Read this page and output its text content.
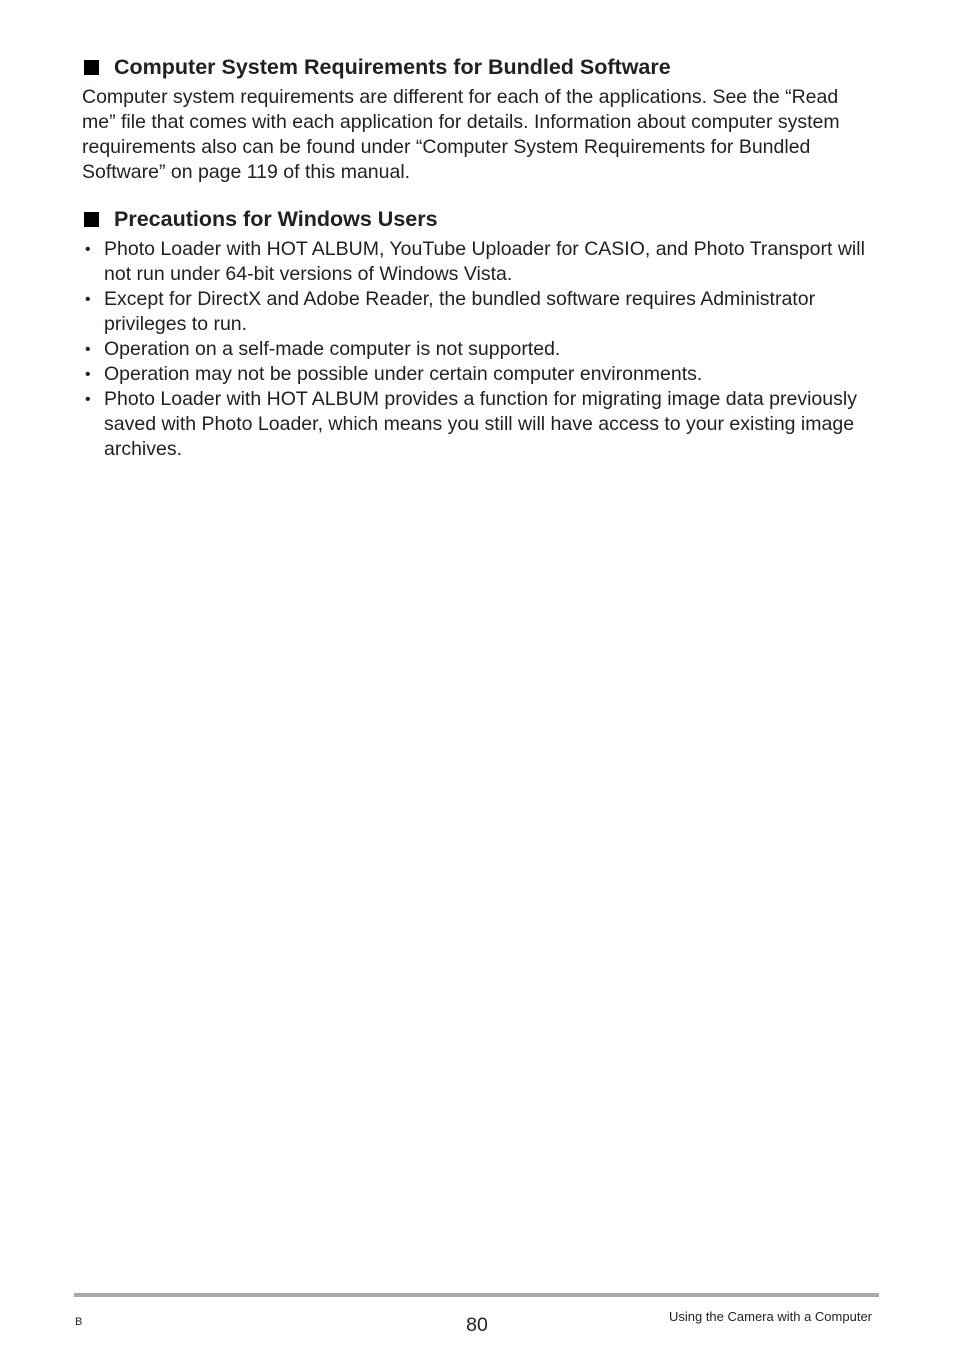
Computer System Requirements for Bundled Software

Computer system requirements are different for each of the applications. See the “Read me” file that comes with each application for details. Information about computer system requirements also can be found under “Computer System Requirements for Bundled Software” on page 119 of this manual.

Precautions for Windows Users
• Photo Loader with HOT ALBUM, YouTube Uploader for CASIO, and Photo Transport will not run under 64-bit versions of Windows Vista.
• Except for DirectX and Adobe Reader, the bundled software requires Administrator privileges to run.
• Operation on a self-made computer is not supported.
• Operation may not be possible under certain computer environments.
• Photo Loader with HOT ALBUM provides a function for migrating image data previously saved with Photo Loader, which means you still will have access to your existing image archives.
B	80	Using the Camera with a Computer
